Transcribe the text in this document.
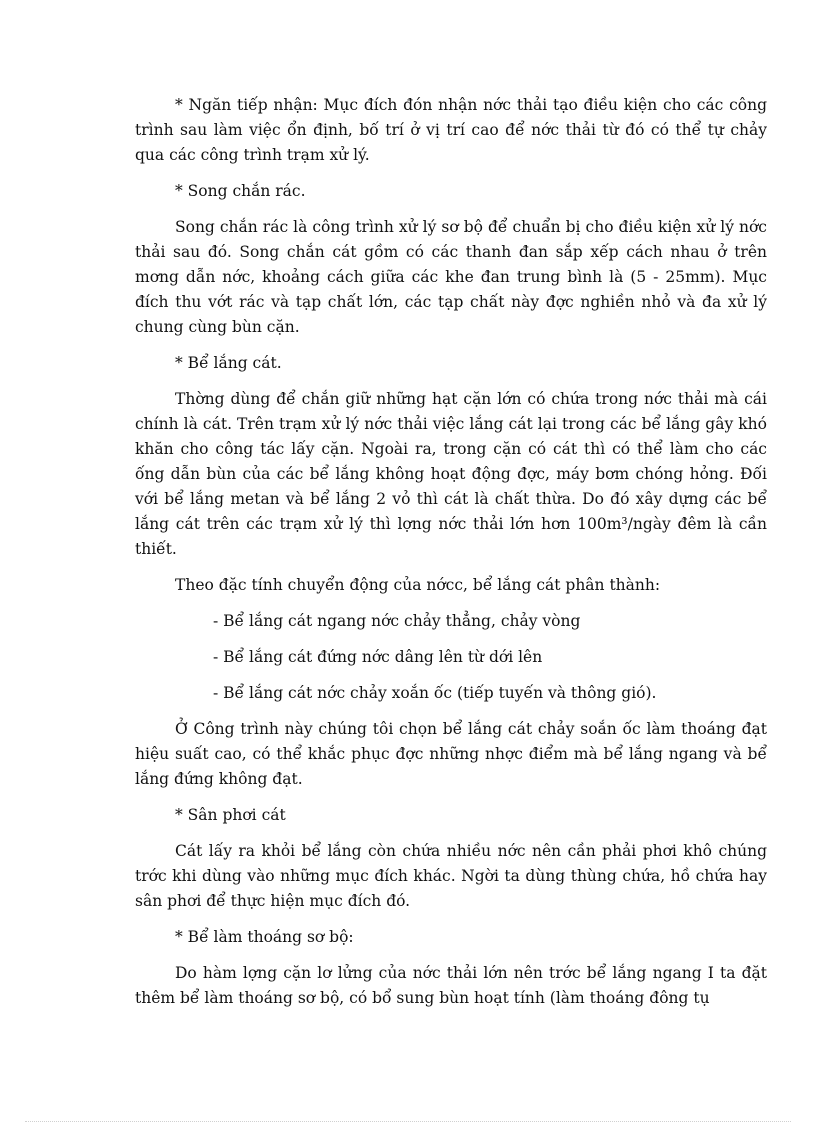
* Ngăn tiếp nhận: Mục đích đón nhận nớc thải tạo điều kiện cho các công trình sau làm việc ổn định, bố trí ở vị trí cao để nớc thải từ đó có thể tự chảy qua các công trình trạm xử lý.

* Song chắn rác.

Song chắn rác là công trình xử lý sơ bộ để chuẩn bị cho điều kiện xử lý nớc thải sau đó. Song chắn cát gồm có các thanh đan sắp xếp cách nhau ở trên mơng dẫn nớc, khoảng cách giữa các khe đan trung bình là (5 - 25mm). Mục đích thu vớt rác và tạp chất lớn, các tạp chất này đợc nghiền nhỏ và đa xử lý chung cùng bùn cặn.

* Bể lắng cát.

Thờng dùng để chắn giữ những hạt cặn lớn có chứa trong nớc thải mà cái chính là cát. Trên trạm xử lý nớc thải việc lắng cát lại trong các bể lắng gây khó khăn cho công tác lấy cặn. Ngoài ra, trong cặn có cát thì có thể làm cho các ống dẫn bùn của các bể lắng không hoạt động đợc, máy bơm chóng hỏng. Đối với bể lắng metan và bể lắng 2 vỏ thì cát là chất thừa. Do đó xây dựng các bể lắng cát trên các trạm xử lý thì lợng nớc thải lớn hơn 100m³/ngày đêm là cần thiết.

Theo đặc tính chuyển động của nớcc, bể lắng cát phân thành:

- Bể lắng cát ngang nớc chảy thẳng, chảy vòng

- Bể lắng cát đứng nớc dâng lên từ dới lên

- Bể lắng cát nớc chảy xoắn ốc (tiếp tuyến và thông gió).

Ở Công trình này chúng tôi chọn bể lắng cát chảy soắn ốc làm thoáng đạt hiệu suất cao, có thể khắc phục đợc những nhợc điểm mà bể lắng ngang và bể lắng đứng không đạt.

* Sân phơi cát

Cát lấy ra khỏi bể lắng còn chứa nhiều nớc nên cần phải phơi khô chúng trớc khi dùng vào những mục đích khác. Ngời ta dùng thùng chứa, hồ chứa hay sân phơi để thực hiện mục đích đó.

* Bể làm thoáng sơ bộ:

Do hàm lợng cặn lơ lửng của nớc thải lớn nên trớc bể lắng ngang I ta đặt thêm bể làm thoáng sơ bộ, có bổ sung bùn hoạt tính (làm thoáng đông tụ
